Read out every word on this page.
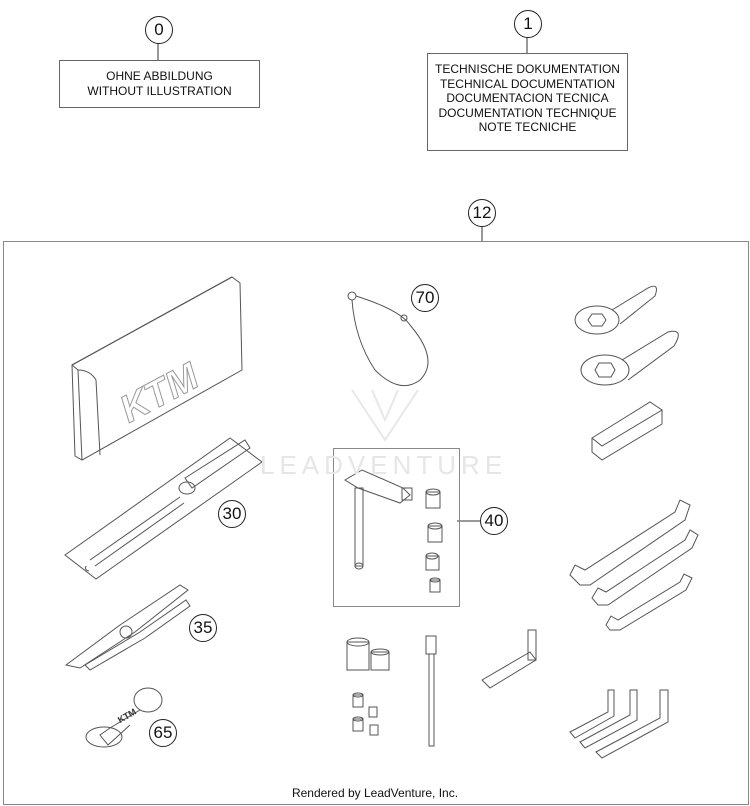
KTM
KTM
0	1
12
70
30	40
35
65
OHNE ABBILDUNG
WITHOUT ILLUSTRATION
TECHNISCHE DOKUMENTATION
TECHNICAL DOCUMENTATION
DOCUMENTACION TECNICA
DOCUMENTATION TECHNIQUE
NOTE TECNICHE
LEADVENTURE
Rendered by LeadVenture, Inc.
